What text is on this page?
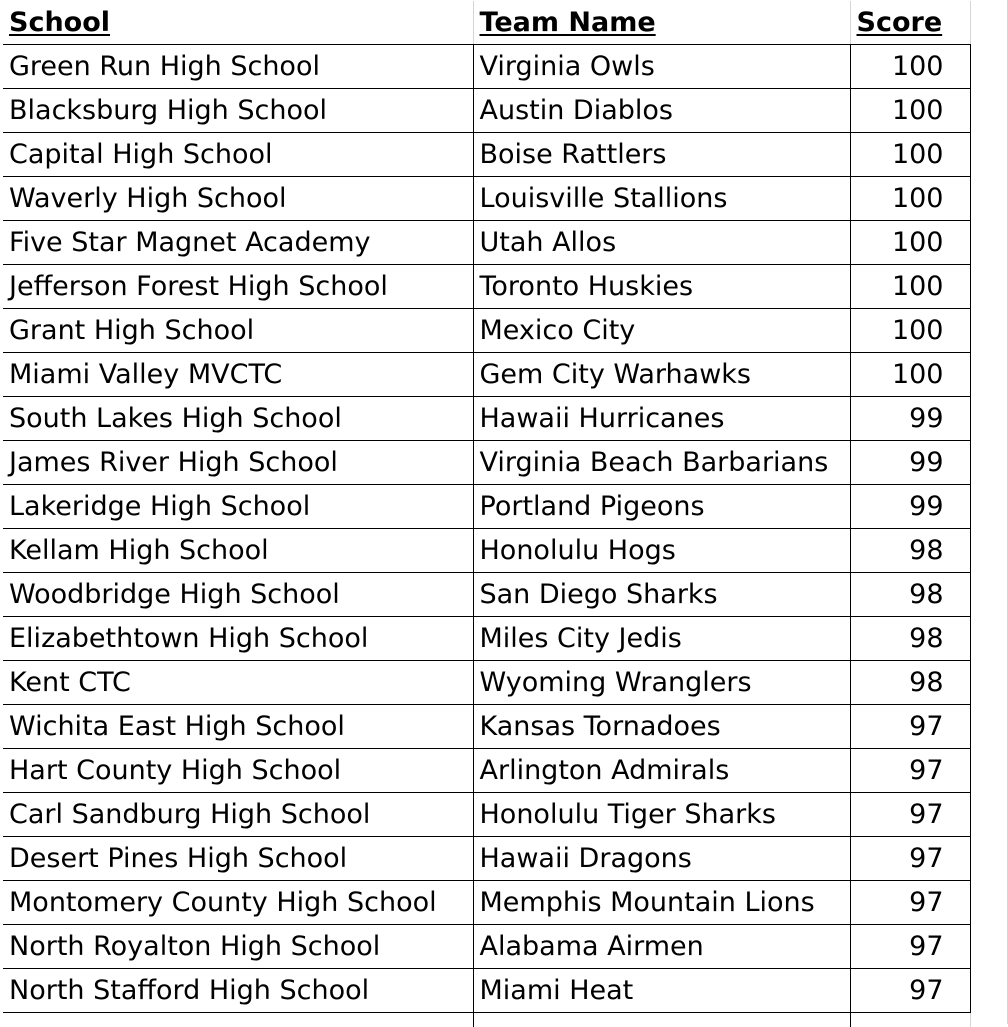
School	Team Name	Score
Green Run High School	Virginia Owls	100
Blacksburg High School	Austin Diablos	100
Capital High School	Boise Rattlers	100
Waverly High School	Louisville Stallions	100
Five Star Magnet Academy	Utah Allos	100
Jefferson Forest High School	Toronto Huskies	100
Grant High School	Mexico City	100
Miami Valley MVCTC	Gem City Warhawks	100
South Lakes High School	Hawaii Hurricanes	99
James River High School	Virginia Beach Barbarians	99
Lakeridge High School	Portland Pigeons	99
Kellam High School	Honolulu Hogs	98
Woodbridge High School	San Diego Sharks	98
Elizabethtown High School	Miles City Jedis	98
Kent CTC	Wyoming Wranglers	98
Wichita East High School	Kansas Tornadoes	97
Hart County High School	Arlington Admirals	97
Carl Sandburg High School	Honolulu Tiger Sharks	97
Desert Pines High School	Hawaii Dragons	97
Montomery County High School	Memphis Mountain Lions	97
North Royalton High School	Alabama Airmen	97
North Stafford High School	Miami Heat	97
